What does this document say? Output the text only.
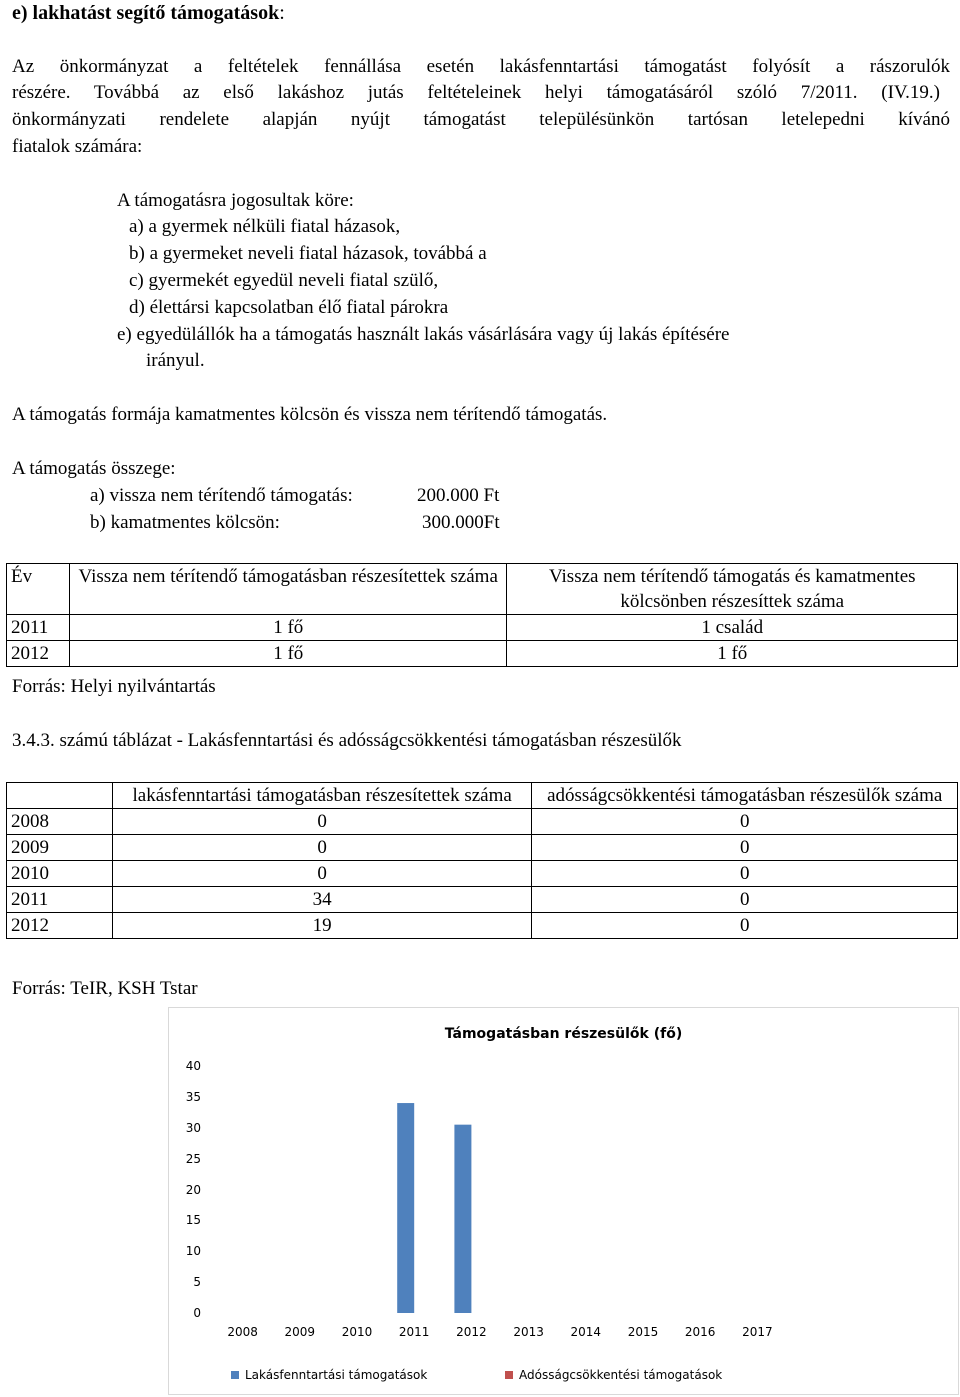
e) lakhatást segítő támogatások:
Az önkormányzat a feltételek fennállása esetén lakásfenntartási támogatást folyósít a rászorulók
részére. Továbbá az első lakáshoz jutás feltételeinek helyi támogatásáról szóló 7/2011. (IV.19.)
önkormányzati rendelete alapján nyújt támogatást településünkön tartósan letelepedni kívánó
fiatalok számára:
A támogatásra jogosultak köre:
a) a gyermek nélküli fiatal házasok,
b) a gyermeket neveli fiatal házasok, továbbá a
c) gyermekét egyedül neveli fiatal szülő,
d) élettársi kapcsolatban élő fiatal párokra
e) egyedülállók ha a támogatás használt lakás vásárlására vagy új lakás építésére
irányul.
A támogatás formája kamatmentes kölcsön és vissza nem térítendő támogatás.
A támogatás összege:
a) vissza nem térítendő támogatás:	200.000 Ft
b) kamatmentes kölcsön:	300.000Ft
Év	Vissza nem térítendő támogatásban részesítettek száma	Vissza nem térítendő támogatás és kamatmentes kölcsönben részesíttek száma
2011	1 fő	1 család
2012	1 fő	1 fő
Forrás: Helyi nyilvántartás
3.4.3. számú táblázat - Lakásfenntartási és adósságcsökkentési támogatásban részesülők
	lakásfenntartási támogatásban részesítettek száma	adósságcsökkentési támogatásban részesülők száma
2008	0	0
2009	0	0
2010	0	0
2011	34	0
2012	19	0
Forrás: TeIR, KSH Tstar
Támogatásban részesülők (fő)
0
5
10
15
20
25
30
35
40
2008	2009	2010	2011	2012	2013	2014	2015	2016	2017
Lakásfenntartási támogatások	Adósságcsökkentési támogatások
